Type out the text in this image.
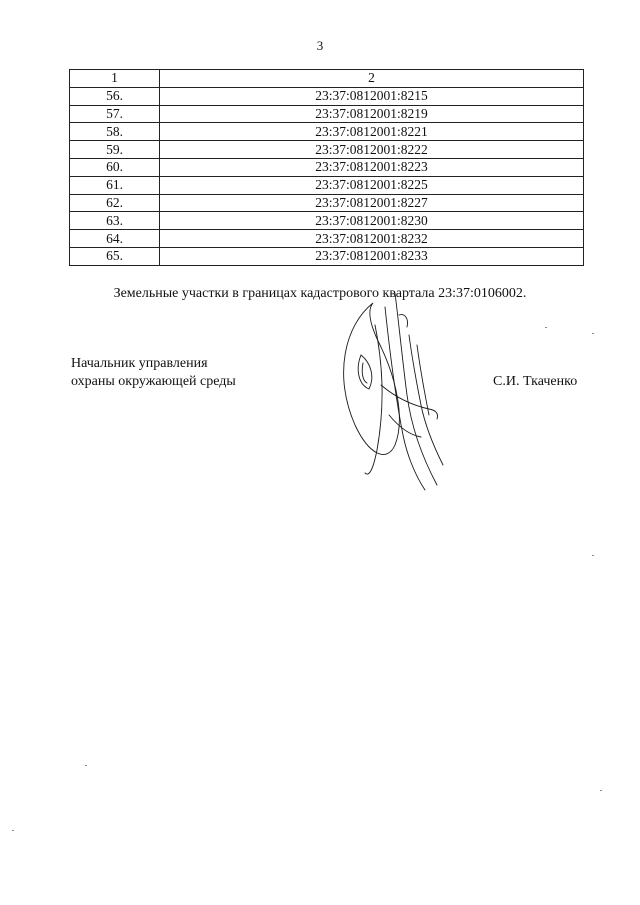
3
1	2
56.	23:37:0812001:8215
57.	23:37:0812001:8219
58.	23:37:0812001:8221
59.	23:37:0812001:8222
60.	23:37:0812001:8223
61.	23:37:0812001:8225
62.	23:37:0812001:8227
63.	23:37:0812001:8230
64.	23:37:0812001:8232
65.	23:37:0812001:8233
Земельные участки в границах кадастрового квартала 23:37:0106002.
Начальник управления
охраны окружающей среды	С.И. Ткаченко
